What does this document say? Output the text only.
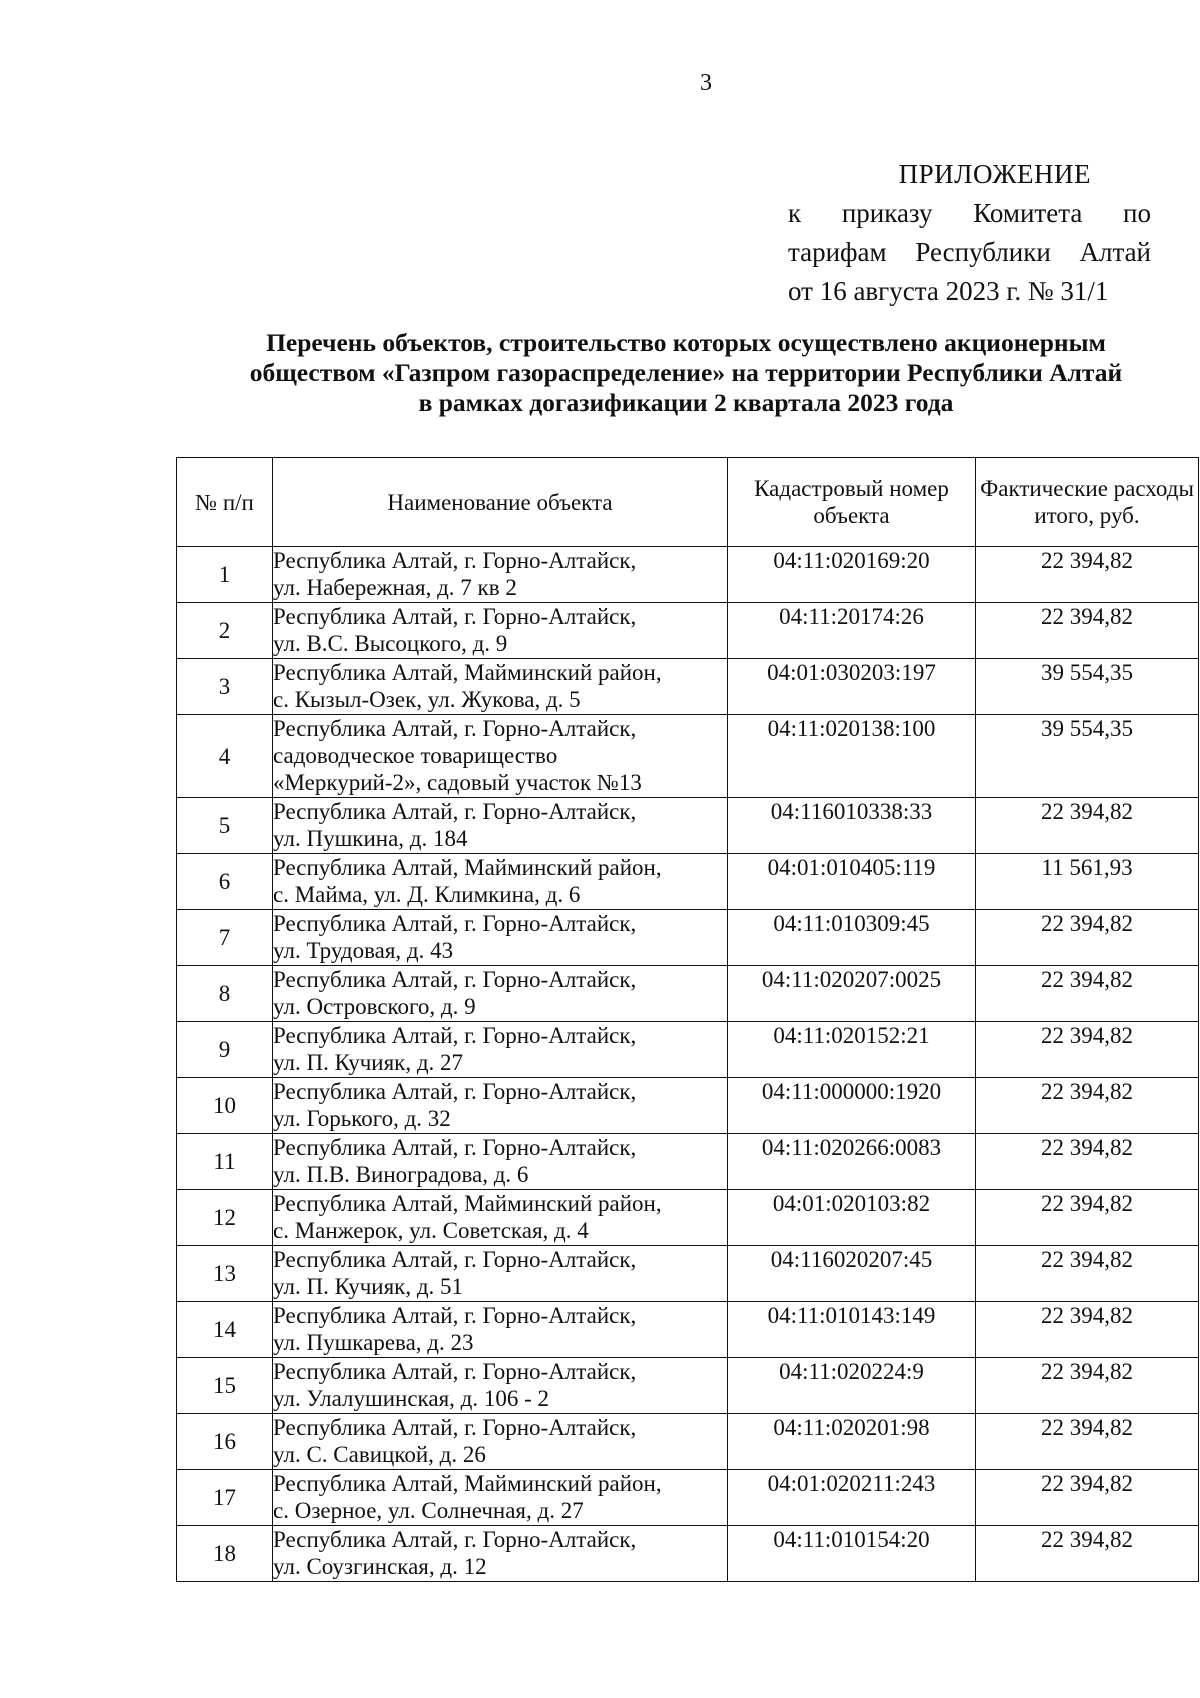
3
ПРИЛОЖЕНИЕ
к приказу Комитета по
тарифам Республики Алтай
от 16 августа 2023 г. № 31/1
Перечень объектов, строительство которых осуществлено акционерным
обществом «Газпром газораспределение» на территории Республики Алтай
в рамках догазификации 2 квартала 2023 года
№ п/п	Наименование объекта	Кадастровый номер объекта	Фактические расходы итого, руб.
1	Республика Алтай, г. Горно-Алтайск,
ул. Набережная, д. 7 кв 2	04:11:020169:20	22 394,82
2	Республика Алтай, г. Горно-Алтайск,
ул. В.С. Высоцкого, д. 9	04:11:20174:26	22 394,82
3	Республика Алтай, Майминский район,
с. Кызыл-Озек, ул. Жукова, д. 5	04:01:030203:197	39 554,35
4	Республика Алтай, г. Горно-Алтайск,
садоводческое товарищество
«Меркурий-2», садовый участок №13	04:11:020138:100	39 554,35
5	Республика Алтай, г. Горно-Алтайск,
ул. Пушкина, д. 184	04:116010338:33	22 394,82
6	Республика Алтай, Майминский район,
с. Майма, ул. Д. Климкина, д. 6	04:01:010405:119	11 561,93
7	Республика Алтай, г. Горно-Алтайск,
ул. Трудовая, д. 43	04:11:010309:45	22 394,82
8	Республика Алтай, г. Горно-Алтайск,
ул. Островского, д. 9	04:11:020207:0025	22 394,82
9	Республика Алтай, г. Горно-Алтайск,
ул. П. Кучияк, д. 27	04:11:020152:21	22 394,82
10	Республика Алтай, г. Горно-Алтайск,
ул. Горького, д. 32	04:11:000000:1920	22 394,82
11	Республика Алтай, г. Горно-Алтайск,
ул. П.В. Виноградова, д. 6	04:11:020266:0083	22 394,82
12	Республика Алтай, Майминский район,
с. Манжерок, ул. Советская, д. 4	04:01:020103:82	22 394,82
13	Республика Алтай, г. Горно-Алтайск,
ул. П. Кучияк, д. 51	04:116020207:45	22 394,82
14	Республика Алтай, г. Горно-Алтайск,
ул. Пушкарева, д. 23	04:11:010143:149	22 394,82
15	Республика Алтай, г. Горно-Алтайск,
ул. Улалушинская, д. 106 - 2	04:11:020224:9	22 394,82
16	Республика Алтай, г. Горно-Алтайск,
ул. С. Савицкой, д. 26	04:11:020201:98	22 394,82
17	Республика Алтай, Майминский район,
с. Озерное, ул. Солнечная, д. 27	04:01:020211:243	22 394,82
18	Республика Алтай, г. Горно-Алтайск,
ул. Соузгинская, д. 12	04:11:010154:20	22 394,82
